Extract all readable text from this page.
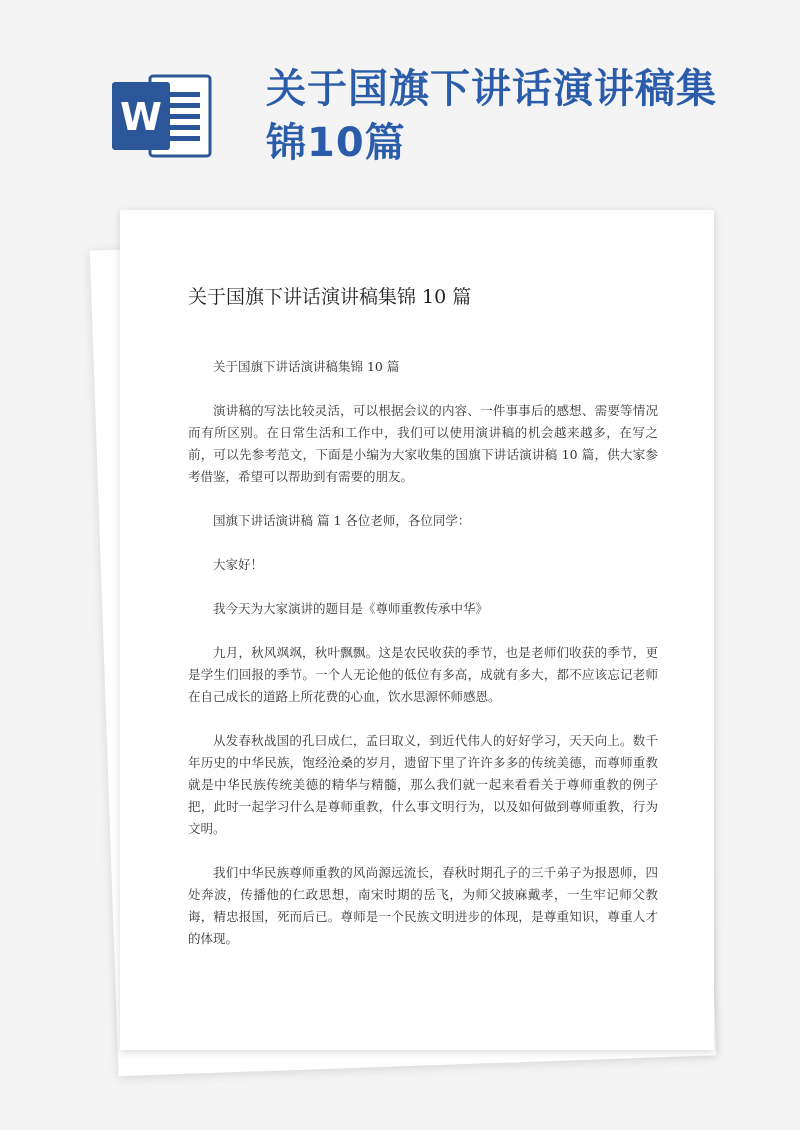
W
关于国旗下讲话演讲稿集锦10篇
关于国旗下讲话演讲稿集锦 10 篇

关于国旗下讲话演讲稿集锦 10 篇

演讲稿的写法比较灵活，可以根据会议的内容、一件事事后的感想、需要等情况而有所区别。在日常生活和工作中，我们可以使用演讲稿的机会越来越多，在写之前，可以先参考范文，下面是小编为大家收集的国旗下讲话演讲稿 10 篇，供大家参考借鉴，希望可以帮助到有需要的朋友。

国旗下讲话演讲稿 篇 1 各位老师，各位同学：

大家好！

我今天为大家演讲的题目是《尊师重教传承中华》

九月，秋风飒飒，秋叶飘飘。这是农民收获的季节，也是老师们收获的季节，更是学生们回报的季节。一个人无论他的低位有多高，成就有多大，都不应该忘记老师在自己成长的道路上所花费的心血，饮水思源怀师感恩。

从发春秋战国的孔曰成仁，孟曰取义，到近代伟人的好好学习，天天向上。数千年历史的中华民族，饱经沧桑的岁月，遗留下里了许许多多的传统美德，而尊师重教就是中华民族传统美德的精华与精髓，那么我们就一起来看看关于尊师重教的例子把，此时一起学习什么是尊师重教，什么事文明行为，以及如何做到尊师重教，行为文明。

我们中华民族尊师重教的风尚源远流长，春秋时期孔子的三千弟子为报恩师，四处奔波，传播他的仁政思想，南宋时期的岳飞，为师父披麻戴孝，一生牢记师父教诲，精忠报国，死而后已。尊师是一个民族文明进步的体现，是尊重知识，尊重人才的体现。
